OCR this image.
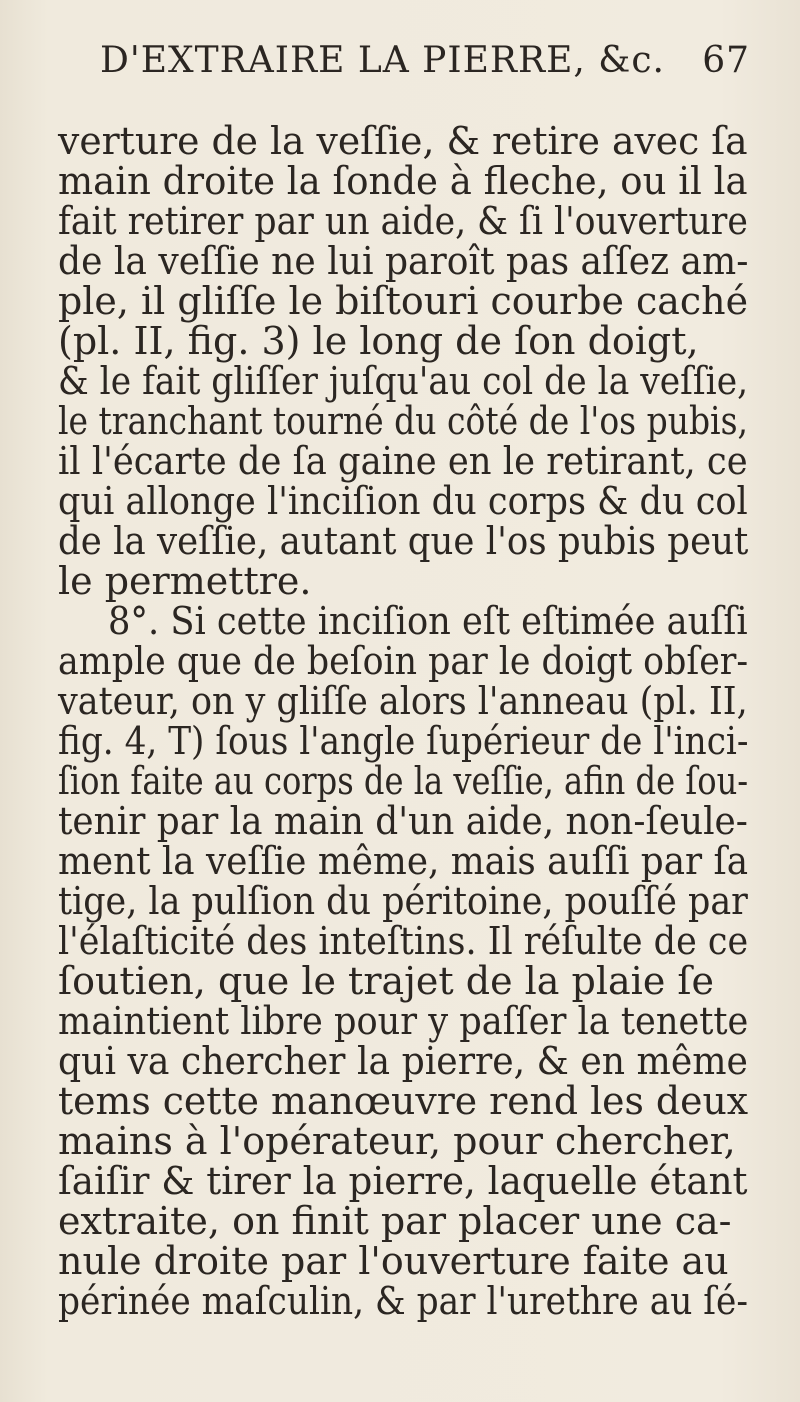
D'EXTRAIRE LA PIERRE, &c. 67
verture de la veſſie, & retire avec ſa
main droite la ſonde à fleche, ou il la
fait retirer par un aide, & ſi l'ouverture
de la veſſie ne lui paroît pas aſſez am-
ple, il gliſſe le biſtouri courbe caché
(pl. II, fig. 3) le long de ſon doigt,
& le fait gliſſer juſqu'au col de la veſſie,
le tranchant tourné du côté de l'os pubis,
il l'écarte de ſa gaine en le retirant, ce
qui allonge l'inciſion du corps & du col
de la veſſie, autant que l'os pubis peut
le permettre.
8°. Si cette inciſion eſt eſtimée auſſi
ample que de beſoin par le doigt obſer-
vateur, on y gliſſe alors l'anneau (pl. II,
fig. 4, T) ſous l'angle ſupérieur de l'inci-
ſion faite au corps de la veſſie, afin de ſou-
tenir par la main d'un aide, non-ſeule-
ment la veſſie même, mais auſſi par ſa
tige, la pulſion du péritoine, pouſſé par
l'élaſticité des inteſtins. Il réſulte de ce
ſoutien, que le trajet de la plaie ſe
maintient libre pour y paſſer la tenette
qui va chercher la pierre, & en même
tems cette manœuvre rend les deux
mains à l'opérateur, pour chercher,
ſaiſir & tirer la pierre, laquelle étant
extraite, on finit par placer une ca-
nule droite par l'ouverture faite au
périnée maſculin, & par l'urethre au ſé-
